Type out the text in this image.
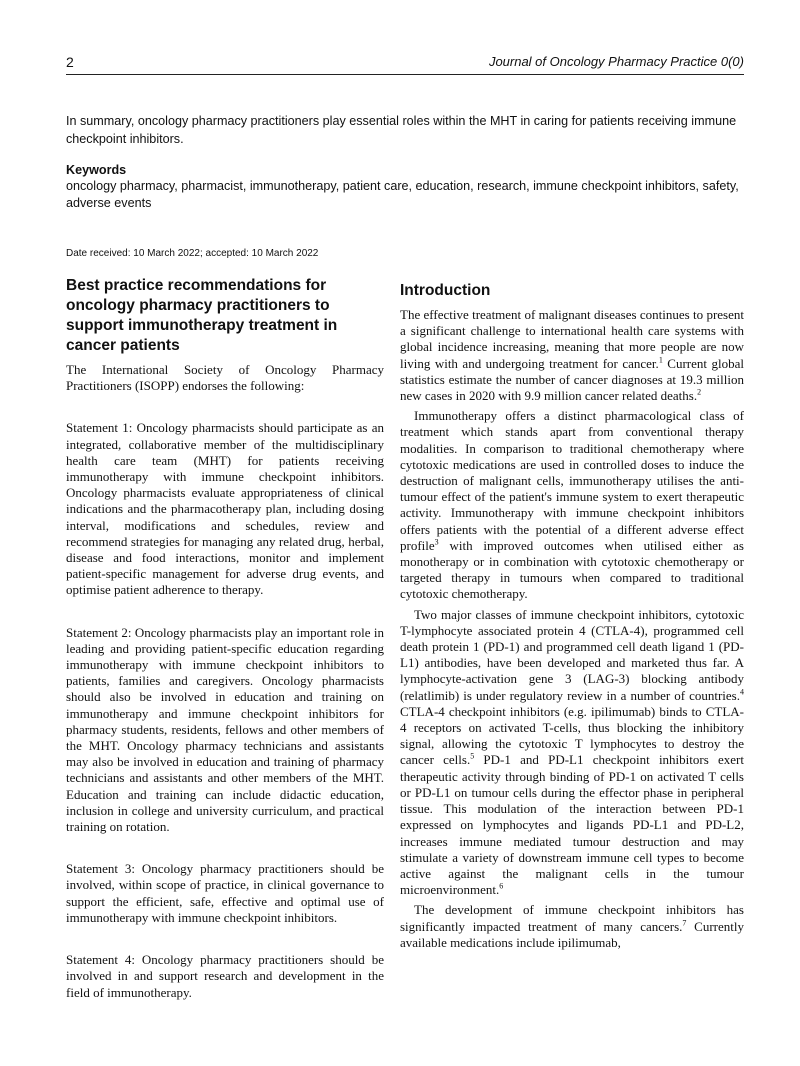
2	Journal of Oncology Pharmacy Practice 0(0)

In summary, oncology pharmacy practitioners play essential roles within the MHT in caring for patients receiving immune checkpoint inhibitors.

Keywords

oncology pharmacy, pharmacist, immunotherapy, patient care, education, research, immune checkpoint inhibitors, safety, adverse events

Date received: 10 March 2022; accepted: 10 March 2022

Best practice recommendations for oncology pharmacy practitioners to support immunotherapy treatment in cancer patients

The International Society of Oncology Pharmacy Practitioners (ISOPP) endorses the following:

Statement 1: Oncology pharmacists should participate as an integrated, collaborative member of the multidisciplinary health care team (MHT) for patients receiving immunotherapy with immune checkpoint inhibitors. Oncology pharmacists evaluate appropriateness of clinical indications and the pharmacotherapy plan, including dosing interval, modifications and schedules, review and recommend strategies for managing any related drug, herbal, disease and food interactions, monitor and implement patient-specific management for adverse drug events, and optimise patient adherence to therapy.

Statement 2: Oncology pharmacists play an important role in leading and providing patient-specific education regarding immunotherapy with immune checkpoint inhibitors to patients, families and caregivers. Oncology pharmacists should also be involved in education and training on immunotherapy and immune checkpoint inhibitors for pharmacy students, residents, fellows and other members of the MHT. Oncology pharmacy technicians and assistants may also be involved in education and training of pharmacy technicians and assistants and other members of the MHT. Education and training can include didactic education, inclusion in college and university curriculum, and practical training on rotation.

Statement 3: Oncology pharmacy practitioners should be involved, within scope of practice, in clinical governance to support the efficient, safe, effective and optimal use of immunotherapy with immune checkpoint inhibitors.

Statement 4: Oncology pharmacy practitioners should be involved in and support research and development in the field of immunotherapy.

Introduction

The effective treatment of malignant diseases continues to present a significant challenge to international health care systems with global incidence increasing, meaning that more people are now living with and undergoing treatment for cancer.$^1$ Current global statistics estimate the number of cancer diagnoses at 19.3 million new cases in 2020 with 9.9 million cancer related deaths.$^2$

Immunotherapy offers a distinct pharmacological class of treatment which stands apart from conventional therapy modalities. In comparison to traditional chemotherapy where cytotoxic medications are used in controlled doses to induce the destruction of malignant cells, immunotherapy utilises the anti-tumour effect of the patient's immune system to exert therapeutic activity. Immunotherapy with immune checkpoint inhibitors offers patients with the potential of a different adverse effect profile$^3$ with improved outcomes when utilised either as monotherapy or in combination with cytotoxic chemotherapy or targeted therapy in tumours when compared to traditional cytotoxic chemotherapy.

Two major classes of immune checkpoint inhibitors, cytotoxic T-lymphocyte associated protein 4 (CTLA-4), programmed cell death protein 1 (PD-1) and programmed cell death ligand 1 (PD-L1) antibodies, have been developed and marketed thus far. A lymphocyte-activation gene 3 (LAG-3) blocking antibody (relatlimib) is under regulatory review in a number of countries.$^4$ CTLA-4 checkpoint inhibitors (e.g. ipilimumab) binds to CTLA-4 receptors on activated T-cells, thus blocking the inhibitory signal, allowing the cytotoxic T lymphocytes to destroy the cancer cells.$^5$ PD-1 and PD-L1 checkpoint inhibitors exert therapeutic activity through binding of PD-1 on activated T cells or PD-L1 on tumour cells during the effector phase in peripheral tissue. This modulation of the interaction between PD-1 expressed on lymphocytes and ligands PD-L1 and PD-L2, increases immune mediated tumour destruction and may stimulate a variety of downstream immune cell types to become active against the malignant cells in the tumour microenvironment.$^6$

The development of immune checkpoint inhibitors has significantly impacted treatment of many cancers.$^7$ Currently available medications include ipilimumab,
